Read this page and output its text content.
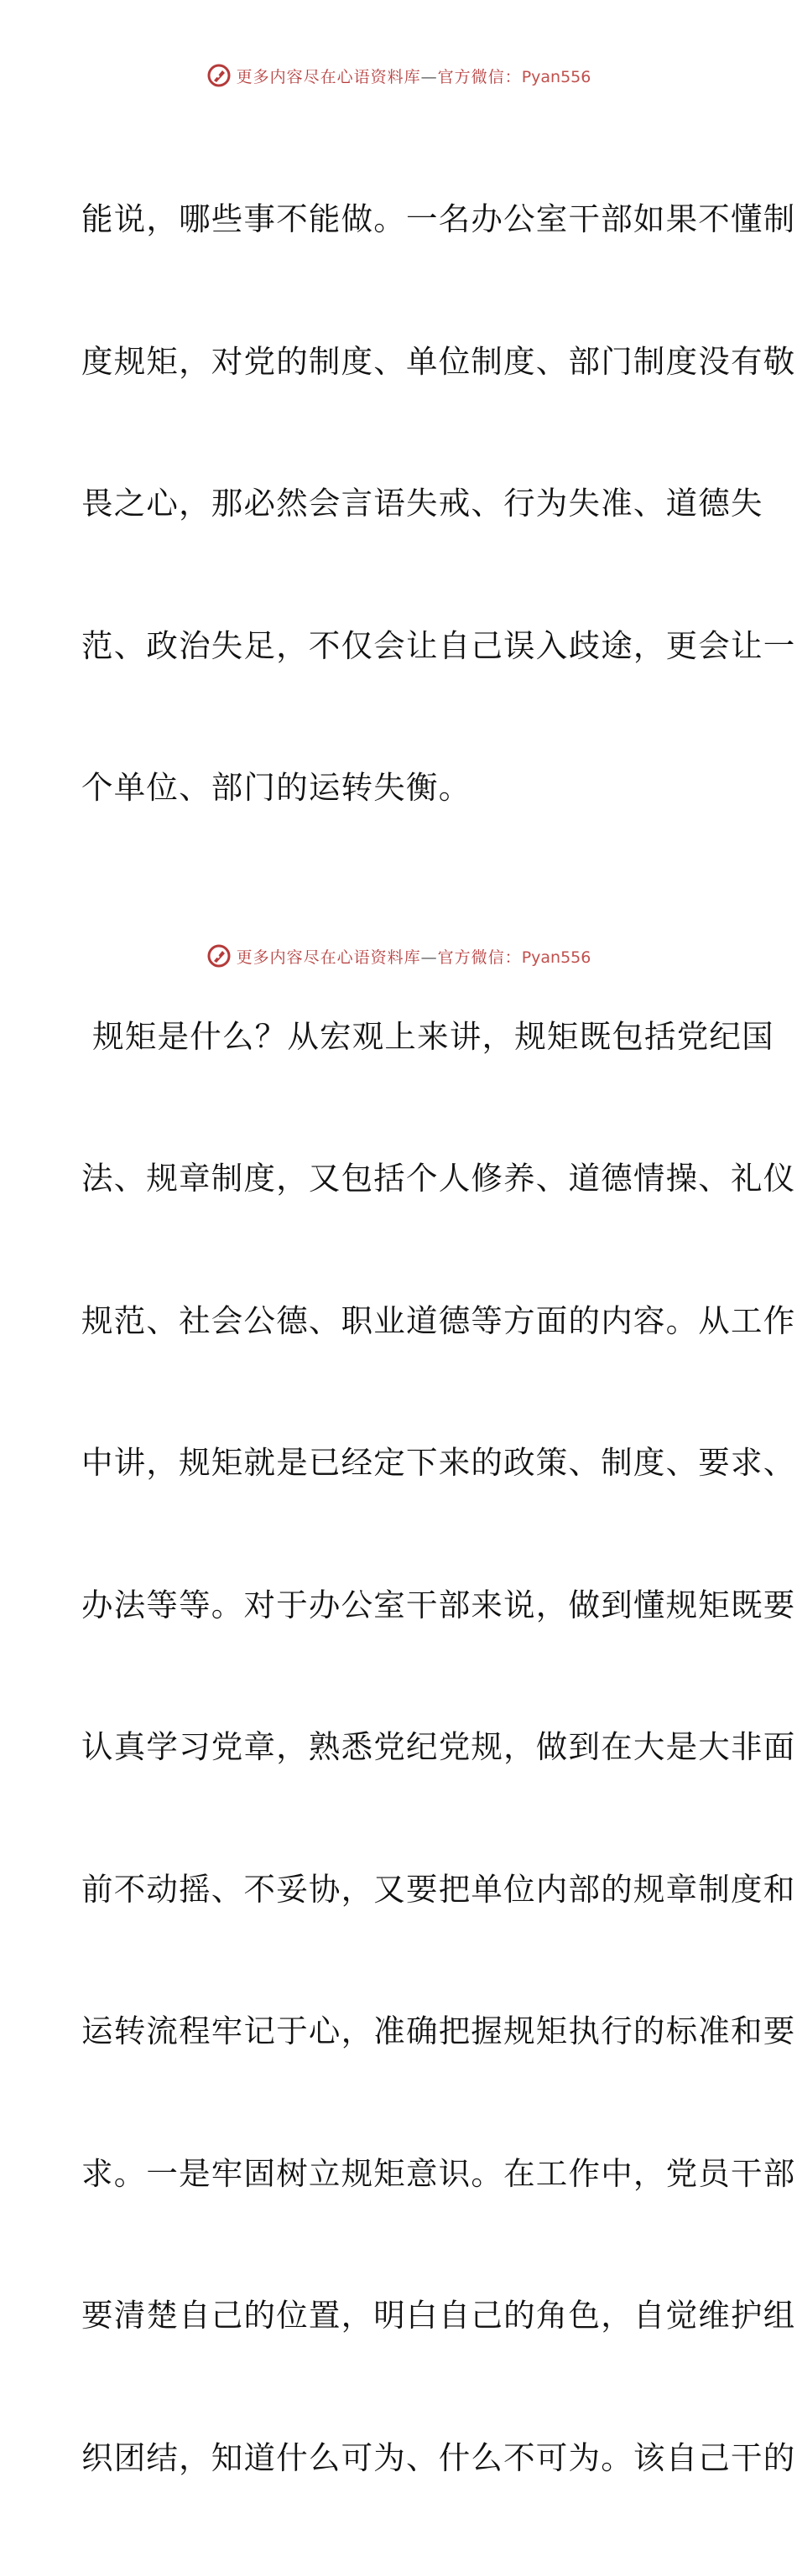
更多内容尽在心语资料库—官方微信：Pyan556

能说，哪些事不能做。一名办公室干部如果不懂制

度规矩，对党的制度、单位制度、部门制度没有敬

畏之心，那必然会言语失戒、行为失准、道德失

范、政治失足，不仅会让自己误入歧途，更会让一

个单位、部门的运转失衡。

规矩是什么？从宏观上来讲，规矩既包括党纪国

法、规章制度，又包括个人修养、道德情操、礼仪

规范、社会公德、职业道德等方面的内容。从工作

中讲，规矩就是已经定下来的政策、制度、要求、

办法等等。对于办公室干部来说，做到懂规矩既要

认真学习党章，熟悉党纪党规，做到在大是大非面

前不动摇、不妥协，又要把单位内部的规章制度和

运转流程牢记于心，准确把握规矩执行的标准和要

求。一是牢固树立规矩意识。在工作中，党员干部

要清楚自己的位置，明白自己的角色，自觉维护组

织团结，知道什么可为、什么不可为。该自己干的

更多内容尽在心语资料库—官方微信：Pyan556
